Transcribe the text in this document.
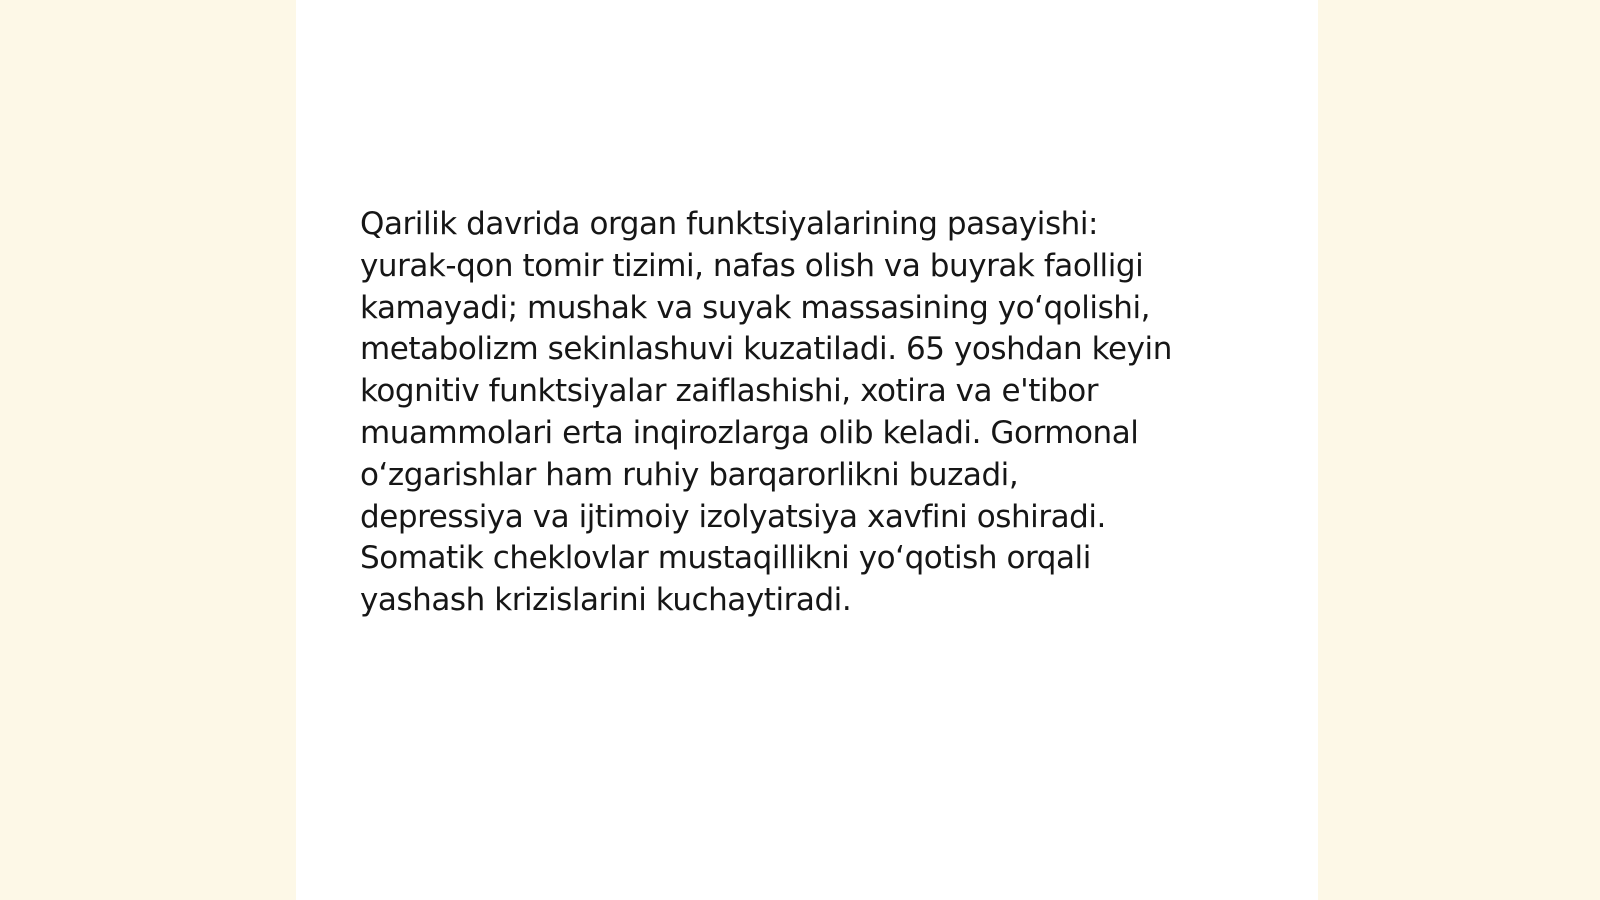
Qarilik davrida organ funktsiyalarining pasayishi:
yurak-qon tomir tizimi, nafas olish va buyrak faolligi
kamayadi; mushak va suyak massasining yo‘qolishi,
metabolizm sekinlashuvi kuzatiladi. 65 yoshdan keyin
kognitiv funktsiyalar zaiflashishi, xotira va e'tibor
muammolari erta inqirozlarga olib keladi. Gormonal
o‘zgarishlar ham ruhiy barqarorlikni buzadi,
depressiya va ijtimoiy izolyatsiya xavfini oshiradi.
Somatik cheklovlar mustaqillikni yo‘qotish orqali
yashash krizislarini kuchaytiradi.
